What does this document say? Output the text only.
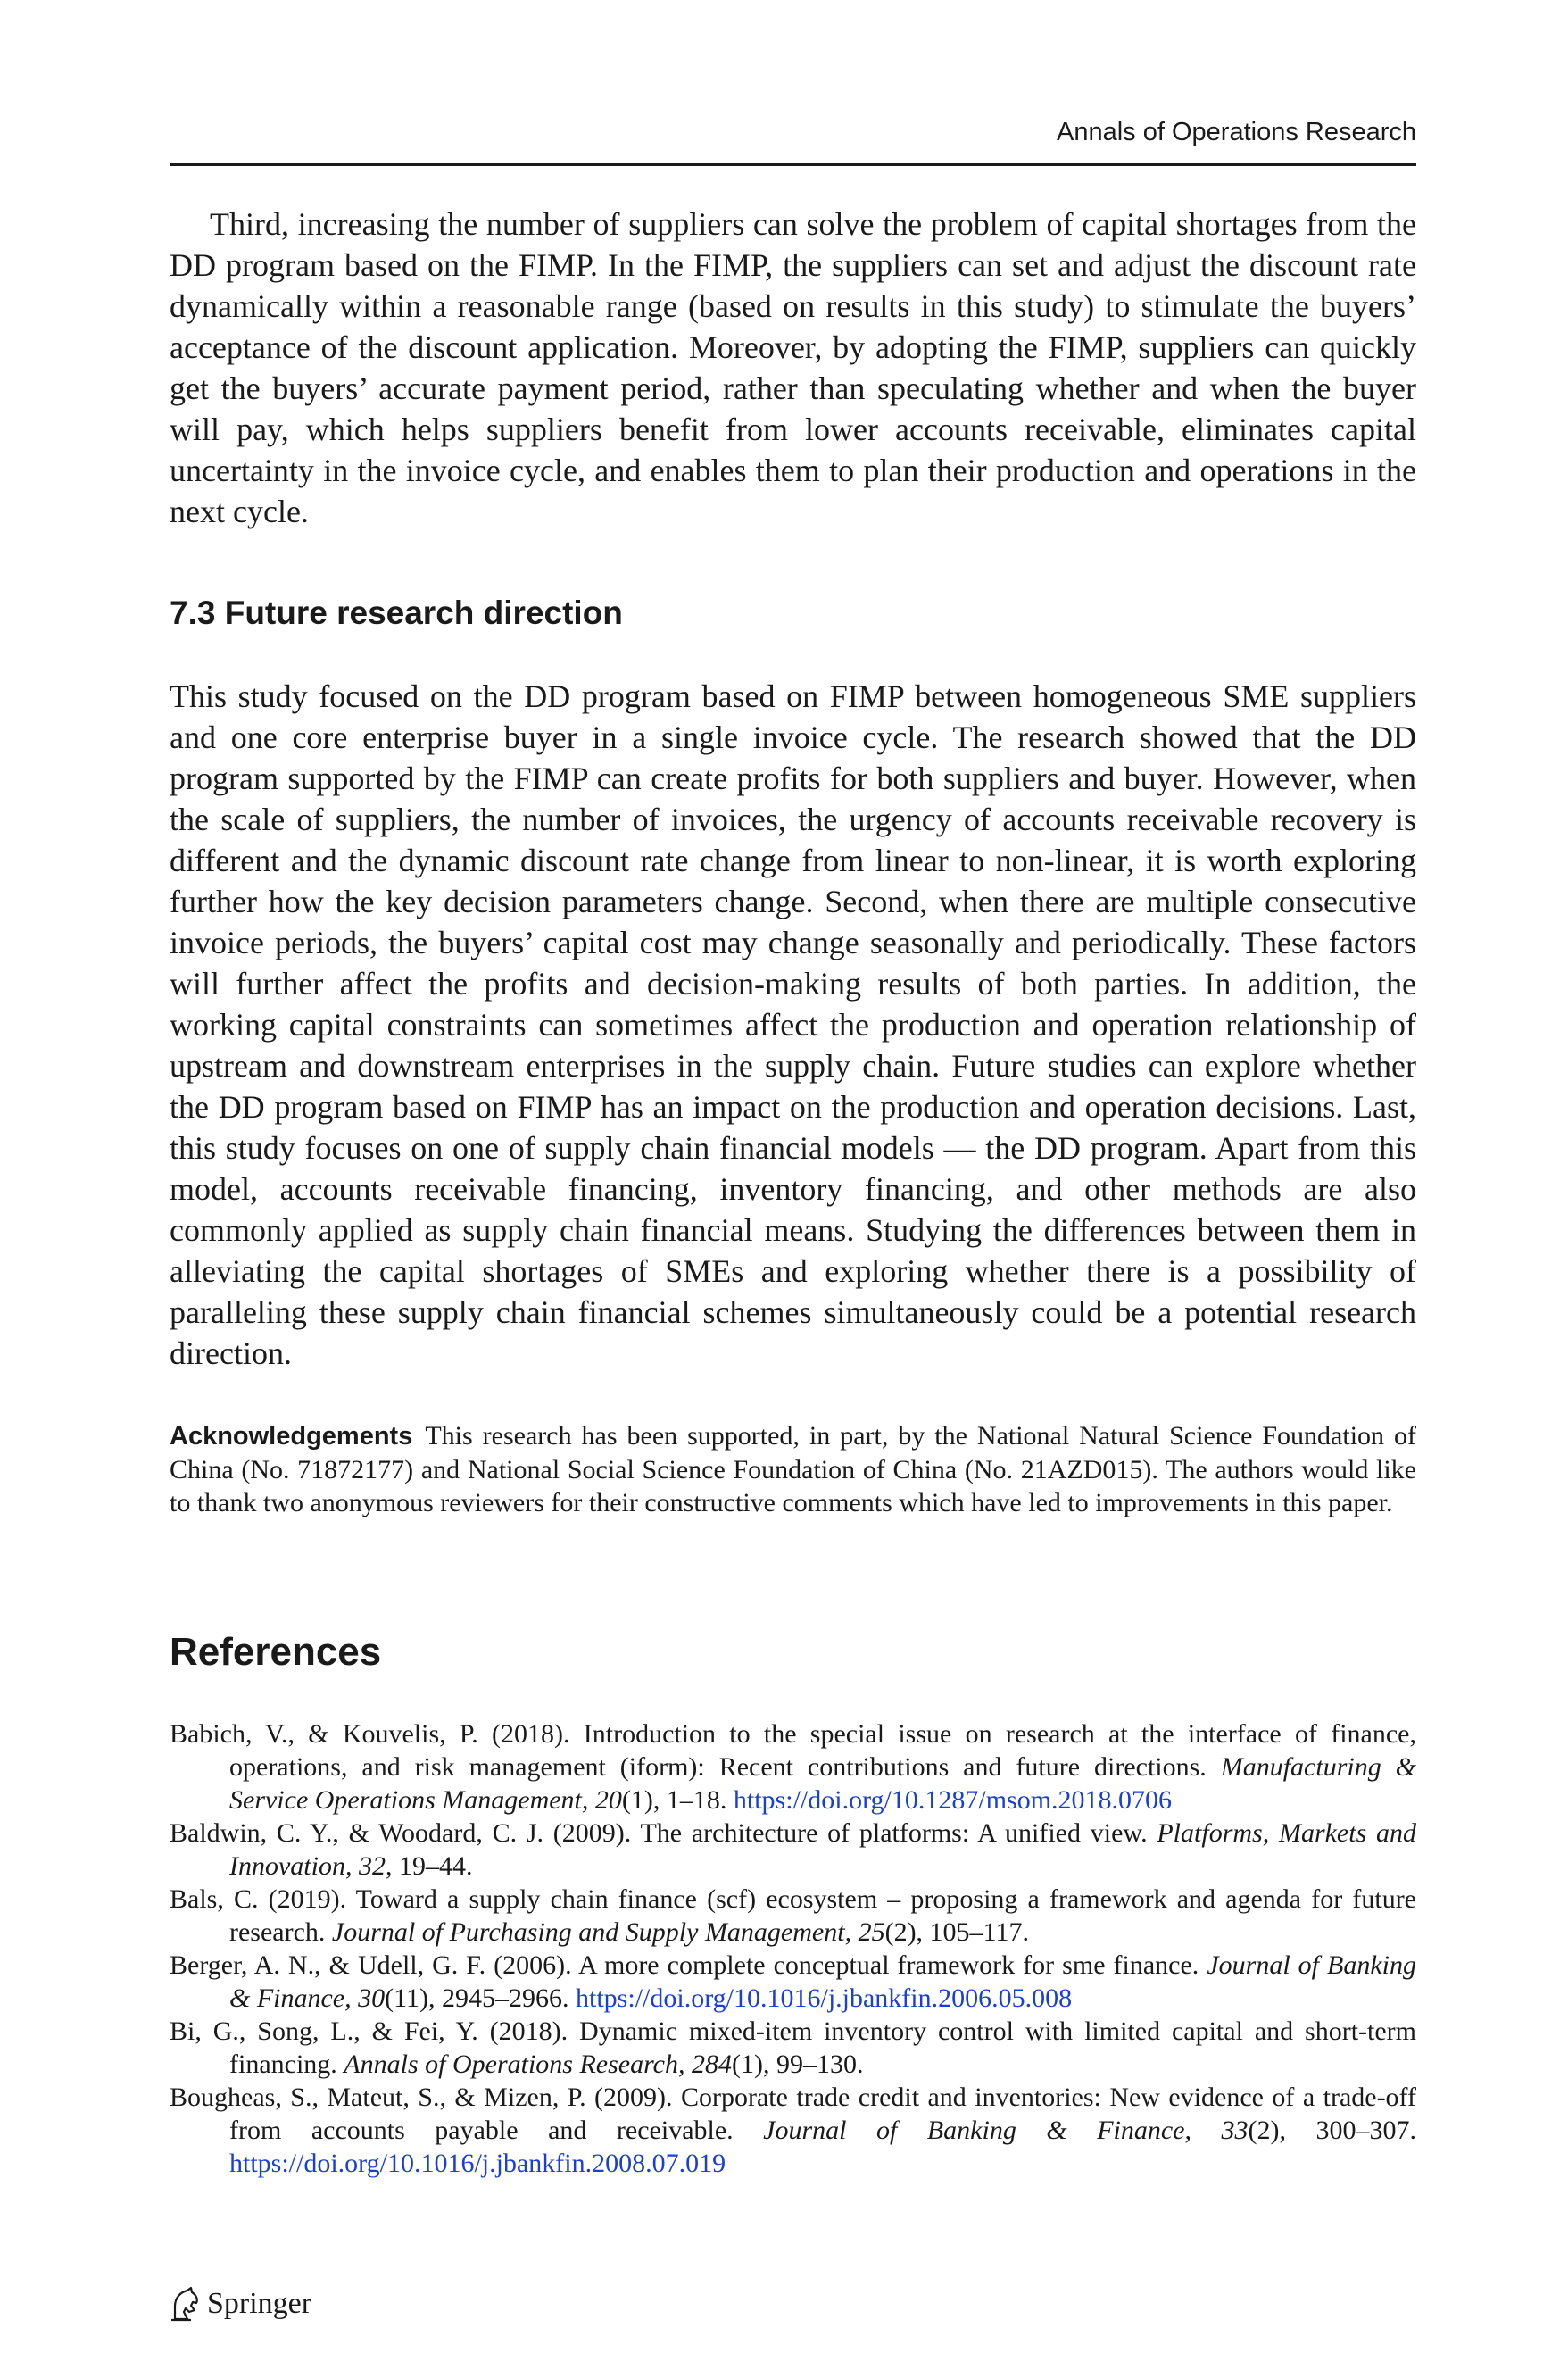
Annals of Operations Research

Third, increasing the number of suppliers can solve the problem of capital shortages from the DD program based on the FIMP. In the FIMP, the suppliers can set and adjust the discount rate dynamically within a reasonable range (based on results in this study) to stimulate the buyers’ acceptance of the discount application. Moreover, by adopting the FIMP, suppliers can quickly get the buyers’ accurate payment period, rather than speculating whether and when the buyer will pay, which helps suppliers benefit from lower accounts receivable, eliminates capital uncertainty in the invoice cycle, and enables them to plan their production and operations in the next cycle.

7.3 Future research direction

This study focused on the DD program based on FIMP between homogeneous SME suppliers and one core enterprise buyer in a single invoice cycle. The research showed that the DD program supported by the FIMP can create profits for both suppliers and buyer. However, when the scale of suppliers, the number of invoices, the urgency of accounts receivable recovery is different and the dynamic discount rate change from linear to non-linear, it is worth exploring further how the key decision parameters change. Second, when there are multiple consecutive invoice periods, the buyers’ capital cost may change seasonally and periodically. These factors will further affect the profits and decision-making results of both parties. In addition, the working capital constraints can sometimes affect the production and operation relationship of upstream and downstream enterprises in the supply chain. Future studies can explore whether the DD program based on FIMP has an impact on the production and operation decisions. Last, this study focuses on one of supply chain financial models — the DD program. Apart from this model, accounts receivable financing, inventory financing, and other methods are also commonly applied as supply chain financial means. Studying the differences between them in alleviating the capital shortages of SMEs and exploring whether there is a possibility of paralleling these supply chain financial schemes simultaneously could be a potential research direction.

Acknowledgements This research has been supported, in part, by the National Natural Science Foundation of China (No. 71872177) and National Social Science Foundation of China (No. 21AZD015). The authors would like to thank two anonymous reviewers for their constructive comments which have led to improvements in this paper.

References
Babich, V., & Kouvelis, P. (2018). Introduction to the special issue on research at the interface of finance, operations, and risk management (iform): Recent contributions and future directions. Manufacturing & Service Operations Management, 20(1), 1–18. https://doi.org/10.1287/msom.2018.0706
Baldwin, C. Y., & Woodard, C. J. (2009). The architecture of platforms: A unified view. Platforms, Markets and Innovation, 32, 19–44.
Bals, C. (2019). Toward a supply chain finance (scf) ecosystem – proposing a framework and agenda for future research. Journal of Purchasing and Supply Management, 25(2), 105–117.
Berger, A. N., & Udell, G. F. (2006). A more complete conceptual framework for sme finance. Journal of Banking & Finance, 30(11), 2945–2966. https://doi.org/10.1016/j.jbankfin.2006.05.008
Bi, G., Song, L., & Fei, Y. (2018). Dynamic mixed-item inventory control with limited capital and short-term financing. Annals of Operations Research, 284(1), 99–130.
Bougheas, S., Mateut, S., & Mizen, P. (2009). Corporate trade credit and inventories: New evidence of a trade-off from accounts payable and receivable. Journal of Banking & Finance, 33(2), 300–307. https://doi.org/10.1016/j.jbankfin.2008.07.019
Springer
